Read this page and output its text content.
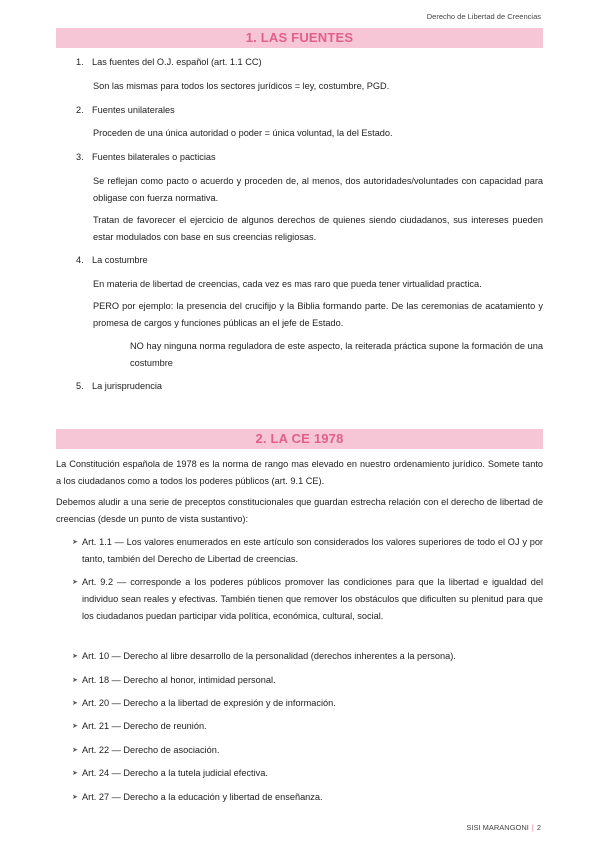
Derecho de Libertad de Creencias
1. LAS FUENTES
1. Las fuentes del O.J. español (art. 1.1 CC)
Son las mismas para todos los sectores jurídicos = ley, costumbre, PGD.
2. Fuentes unilaterales
Proceden de una única autoridad o poder = única voluntad, la del Estado.
3. Fuentes bilaterales o pacticias
Se reflejan como pacto o acuerdo y proceden de, al menos, dos autoridades/voluntades con capacidad para obligase con fuerza normativa.
Tratan de favorecer el ejercicio de algunos derechos de quienes siendo ciudadanos, sus intereses pueden estar modulados con base en sus creencias religiosas.
4. La costumbre
En materia de libertad de creencias, cada vez es mas raro que pueda tener virtualidad practica.
PERO por ejemplo: la presencia del crucifijo y la Biblia formando parte. De las ceremonias de acatamiento y promesa de cargos y funciones públicas an el jefe de Estado.
NO hay ninguna norma reguladora de este aspecto, la reiterada práctica supone la formación de una costumbre
5. La jurisprudencia
2. LA CE 1978
La Constitución española de 1978 es la norma de rango mas elevado en nuestro ordenamiento jurídico. Somete tanto a los ciudadanos como a todos los poderes públicos (art. 9.1 CE).
Debemos aludir a una serie de preceptos constitucionales que guardan estrecha relación con el derecho de libertad de creencias (desde un punto de vista sustantivo):
➤ Art. 1.1 — Los valores enumerados en este artículo son considerados los valores superiores de todo el OJ y por tanto, también del Derecho de Libertad de creencias.
➤ Art. 9.2 — corresponde a los poderes públicos promover las condiciones para que la libertad e igualdad del individuo sean reales y efectivas. También tienen que remover los obstáculos que dificulten su plenitud para que los ciudadanos puedan participar vida política, económica, cultural, social.
➤ Art. 10 — Derecho al libre desarrollo de la personalidad (derechos inherentes a la persona).
➤ Art. 18 — Derecho al honor, intimidad personal.
➤ Art. 20 — Derecho a la libertad de expresión y de información.
➤ Art. 21 — Derecho de reunión.
➤ Art. 22 — Derecho de asociación.
➤ Art. 24 — Derecho a la tutela judicial efectiva.
➤ Art. 27 — Derecho a la educación y libertad de enseñanza.
SISI MARANGONI | 2
